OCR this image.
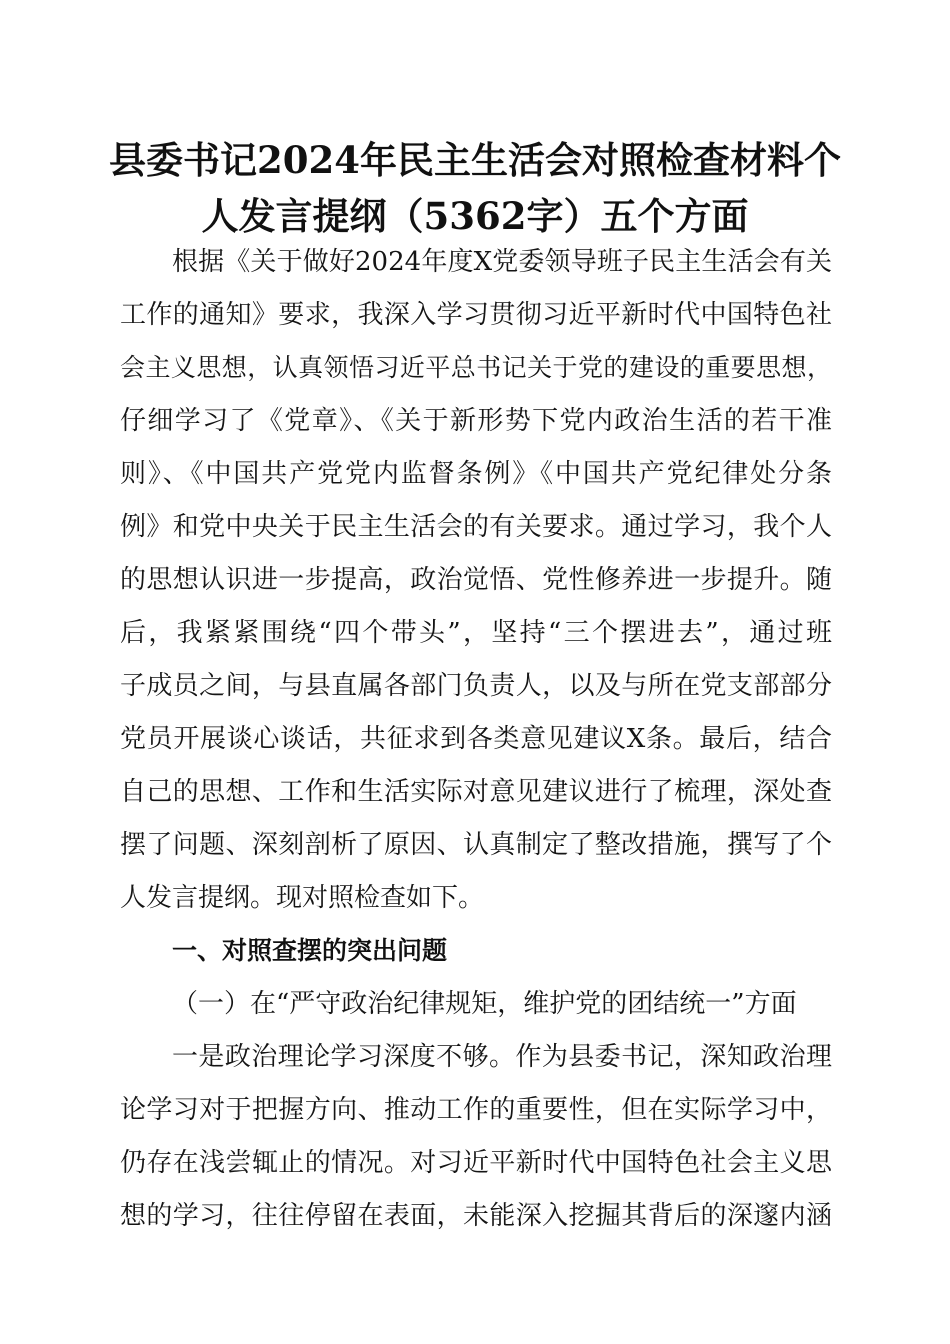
县委书记2024年民主生活会对照检查材料个
人发言提纲（5362字）五个方面
根据《关于做好2024年度X党委领导班子民主生活会有关
工作的通知》要求，我深入学习贯彻习近平新时代中国特色社
会主义思想，认真领悟习近平总书记关于党的建设的重要思想，
仔细学习了《党章》、《关于新形势下党内政治生活的若干准
则》、《中国共产党党内监督条例》《中国共产党纪律处分条
例》和党中央关于民主生活会的有关要求。通过学习，我个人
的思想认识进一步提高，政治觉悟、党性修养进一步提升。随
后，我紧紧围绕“四个带头”，坚持“三个摆进去”，通过班
子成员之间，与县直属各部门负责人，以及与所在党支部部分
党员开展谈心谈话，共征求到各类意见建议X条。最后，结合
自己的思想、工作和生活实际对意见建议进行了梳理，深处查
摆了问题、深刻剖析了原因、认真制定了整改措施，撰写了个
人发言提纲。现对照检查如下。
一、对照查摆的突出问题
（一）在“严守政治纪律规矩，维护党的团结统一”方面
一是政治理论学习深度不够。作为县委书记，深知政治理
论学习对于把握方向、推动工作的重要性，但在实际学习中，
仍存在浅尝辄止的情况。对习近平新时代中国特色社会主义思
想的学习，往往停留在表面，未能深入挖掘其背后的深邃内涵
